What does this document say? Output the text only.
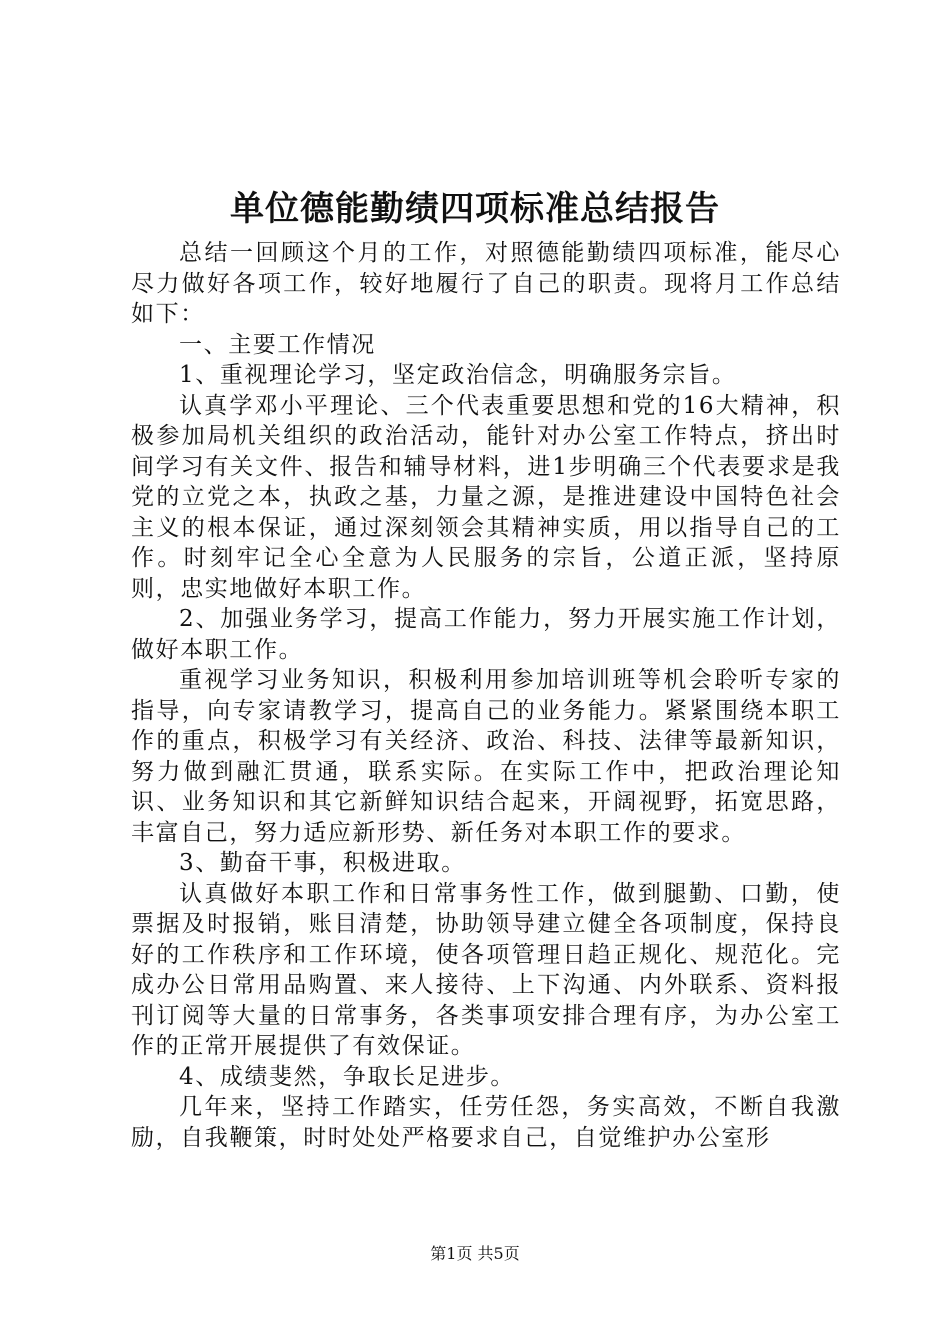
单位德能勤绩四项标准总结报告

总结一回顾这个月的工作，对照德能勤绩四项标准，能尽心尽力做好各项工作，较好地履行了自己的职责。现将月工作总结如下：

一、主要工作情况

1、重视理论学习，坚定政治信念，明确服务宗旨。

认真学邓小平理论、三个代表重要思想和党的16大精神，积极参加局机关组织的政治活动，能针对办公室工作特点，挤出时间学习有关文件、报告和辅导材料，进1步明确三个代表要求是我党的立党之本，执政之基，力量之源，是推进建设中国特色社会主义的根本保证，通过深刻领会其精神实质，用以指导自己的工作。时刻牢记全心全意为人民服务的宗旨，公道正派，坚持原则，忠实地做好本职工作。

2、加强业务学习，提高工作能力，努力开展实施工作计划，做好本职工作。

重视学习业务知识，积极利用参加培训班等机会聆听专家的指导，向专家请教学习，提高自己的业务能力。紧紧围绕本职工作的重点，积极学习有关经济、政治、科技、法律等最新知识，努力做到融汇贯通，联系实际。在实际工作中，把政治理论知识、业务知识和其它新鲜知识结合起来，开阔视野，拓宽思路，丰富自己，努力适应新形势、新任务对本职工作的要求。

3、勤奋干事，积极进取。

认真做好本职工作和日常事务性工作，做到腿勤、口勤，使票据及时报销，账目清楚，协助领导建立健全各项制度，保持良好的工作秩序和工作环境，使各项管理日趋正规化、规范化。完成办公日常用品购置、来人接待、上下沟通、内外联系、资料报刊订阅等大量的日常事务，各类事项安排合理有序，为办公室工作的正常开展提供了有效保证。

4、成绩斐然，争取长足进步。

几年来，坚持工作踏实，任劳任怨，务实高效，不断自我激励，自我鞭策，时时处处严格要求自己，自觉维护办公室形

第1页 共5页
